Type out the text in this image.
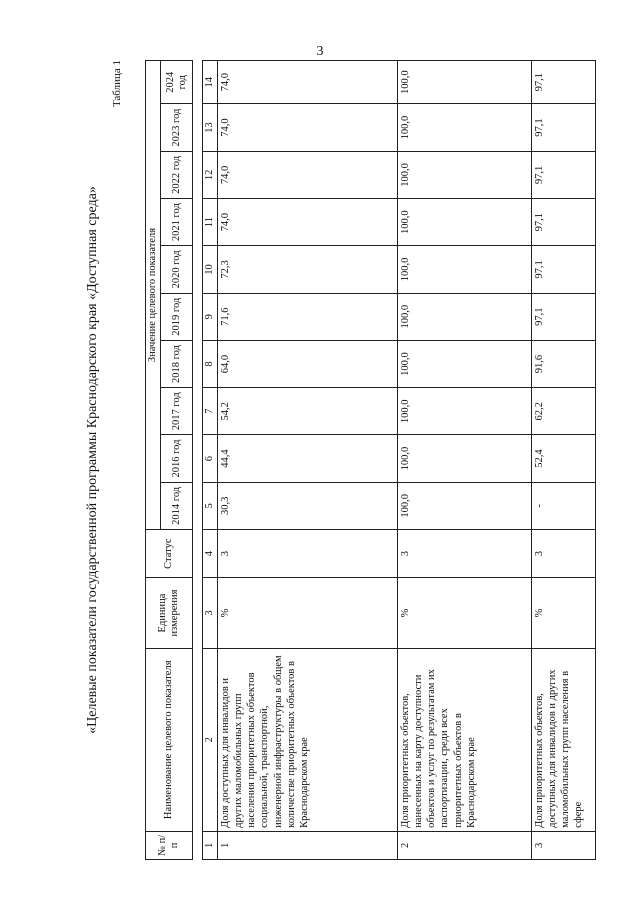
3
«Целевые показатели государственной программы Краснодарского края «Доступная среда»
Таблица 1
№ п/п	Наименование целевого показателя	Единица измерения	Статус	Значение целевого показателя									
				2014 год	2016 год	2017 год	2018 год	2019 год	2020 год	2021 год	2022 год	2023 год	2024 год

1	2	3	4	5	6	7	8	9	10	11	12	13	14
1	Доля доступных для инвалидов и других маломобильных групп населения приоритетных объектов социальной, транспортной, инженерной инфраструктуры в общем количестве приоритетных объектов в Краснодарском крае	%	3	30,3	44,4	54,2	64,0	71,6	72,3	74,0	74,0	74,0	74,0
2	Доля приоритетных объектов, нанесенных на карту доступности объектов и услуг по результатам их паспортизации, среди всех приоритетных объектов в Краснодарском крае	%	3	100,0	100,0	100,0	100,0	100,0	100,0	100,0	100,0	100,0	100,0
3	Доля приоритетных объектов, доступных для инвалидов и других маломобильных групп населения в сфере	%	3	-	52,4	62,2	91,6	97,1	97,1	97,1	97,1	97,1	97,1
